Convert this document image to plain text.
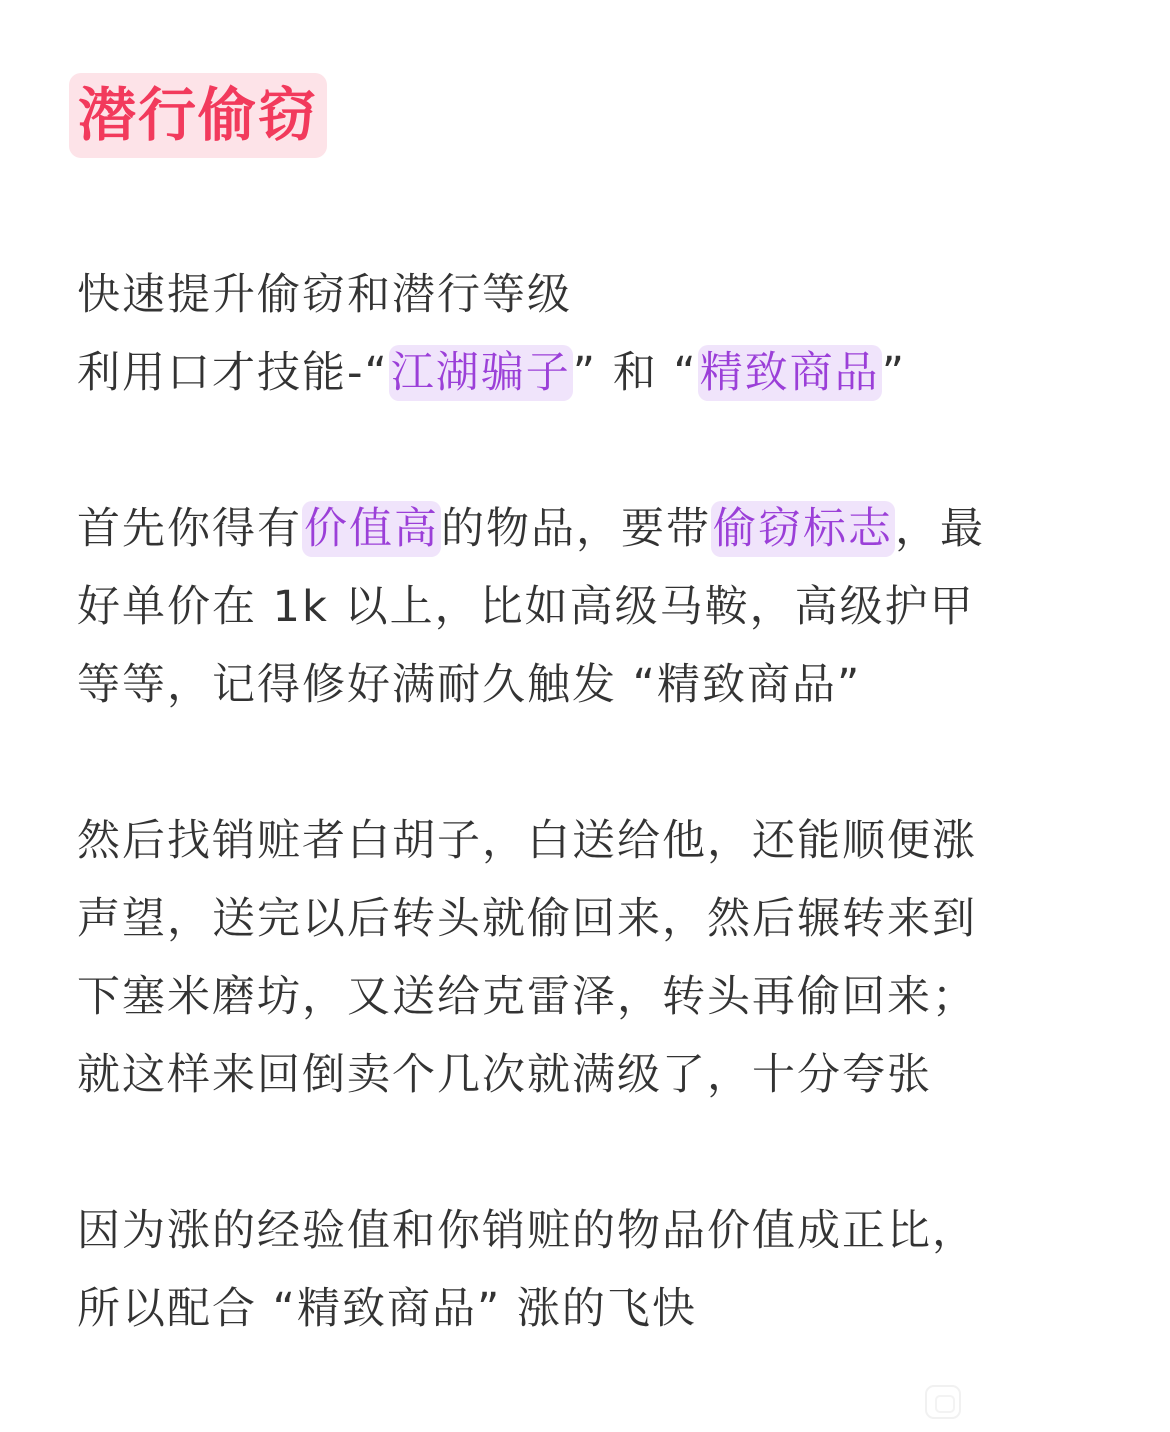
潜行偷窃
快速提升偷窃和潜行等级
利用口才技能-“江湖骗子” 和 “精致商品”
首先你得有价值高的物品，要带偷窃标志，最
好单价在 1k 以上，比如高级马鞍，高级护甲
等等，记得修好满耐久触发 “精致商品”
然后找销赃者白胡子，白送给他，还能顺便涨
声望，送完以后转头就偷回来，然后辗转来到
下塞米磨坊，又送给克雷泽，转头再偷回来；
就这样来回倒卖个几次就满级了，十分夸张
因为涨的经验值和你销赃的物品价值成正比，
所以配合 “精致商品” 涨的飞快
